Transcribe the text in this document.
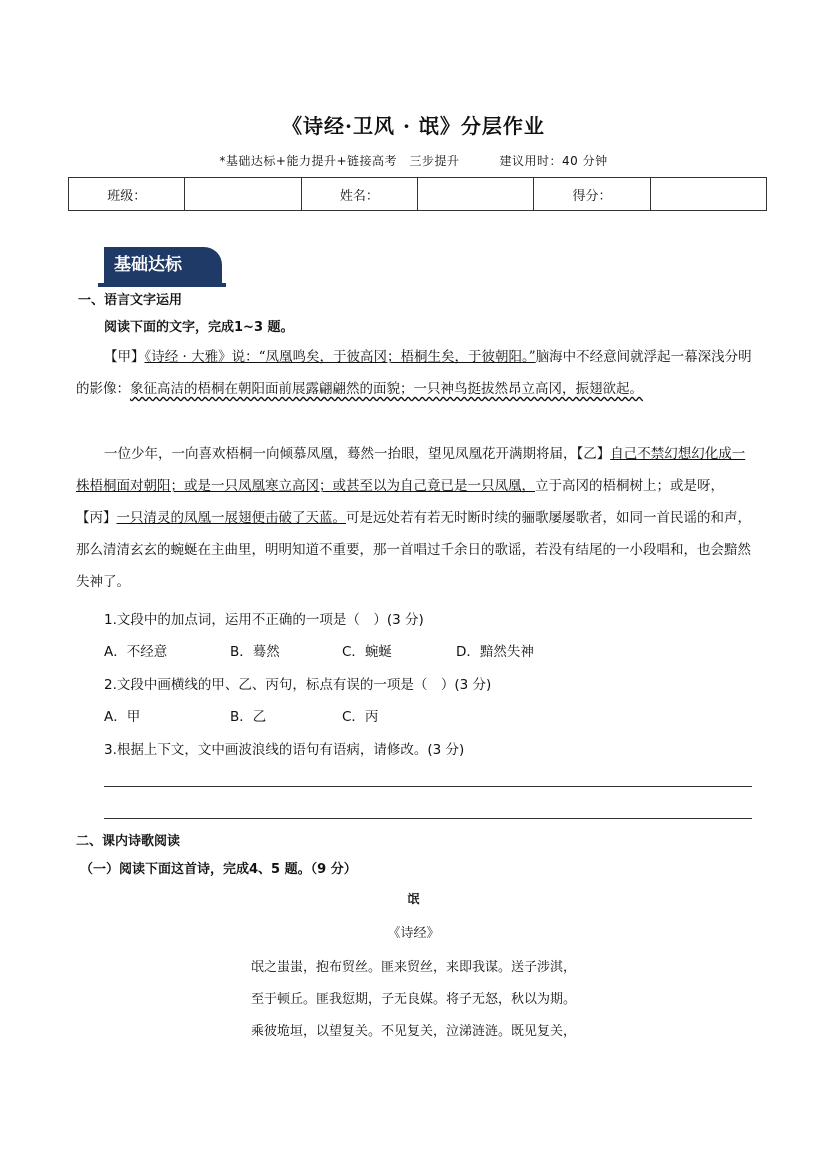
《诗经·卫风 · 氓》分层作业
*基础达标+能力提升+链接高考　三步提升	建议用时：40 分钟
班级：		姓名：		得分：	
基础达标
一、语言文字运用
阅读下面的文字，完成1~3 题。
【甲】《诗经 · 大雅》说：“凤凰鸣矣，于彼高冈；梧桐生矣，于彼朝阳。”脑海中不经意间就浮起一幕深浅分明的影像：象征高洁的梧桐在朝阳面前展露翩翩然的面貌；一只神鸟挺拔然昂立高冈，振翅欲起。
一位少年，一向喜欢梧桐一向倾慕凤凰，蓦然一抬眼，望见凤凰花开满期将届，【乙】自己不禁幻想幻化成一株梧桐面对朝阳；或是一只凤凰寒立高冈；或甚至以为自己竟已是一只凤凰，立于高冈的梧桐树上；或是呀，【丙】一只清灵的凤凰一展翅便击破了天蓝。可是远处若有若无时断时续的骊歌屡屡歌者，如同一首民谣的和声，那么清清玄玄的蜿蜒在主曲里，明明知道不重要，那一首唱过千余日的歌谣，若没有结尾的一小段唱和，也会黯然失神了。
1.文段中的加点词，运用不正确的一项是（　）(3 分)
A．不经意	B．蓦然	C．蜿蜒	D．黯然失神
2.文段中画横线的甲、乙、丙句，标点有误的一项是（　）(3 分)
A．甲	B．乙	C．丙
3.根据上下文，文中画波浪线的语句有语病，请修改。(3 分)
二、课内诗歌阅读
（一）阅读下面这首诗，完成4、5 题。（9 分）
氓
《诗经》
氓之蚩蚩，抱布贸丝。匪来贸丝，来即我谋。送子涉淇，
至于顿丘。匪我愆期，子无良媒。将子无怒，秋以为期。
乘彼垝垣，以望复关。不见复关，泣涕涟涟。既见复关，
